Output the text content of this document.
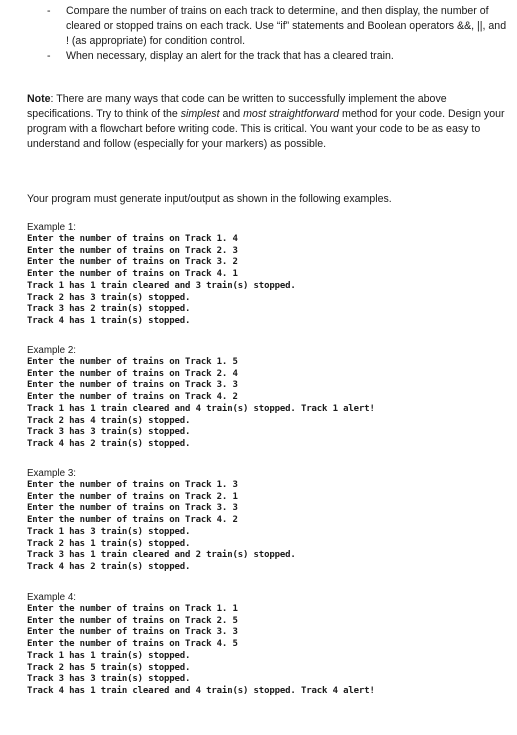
- Compare the number of trains on each track to determine, and then display, the number of cleared or stopped trains on each track. Use “if” statements and Boolean operators &&, ||, and ! (as appropriate) for condition control.
- When necessary, display an alert for the track that has a cleared train.
Note: There are many ways that code can be written to successfully implement the above specifications. Try to think of the simplest and most straightforward method for your code. Design your program with a flowchart before writing code. This is critical. You want your code to be as easy to understand and follow (especially for your markers) as possible.
Your program must generate input/output as shown in the following examples.
Example 1:
Enter the number of trains on Track 1. 4
Enter the number of trains on Track 2. 3
Enter the number of trains on Track 3. 2
Enter the number of trains on Track 4. 1
Track 1 has 1 train cleared and 3 train(s) stopped.
Track 2 has 3 train(s) stopped.
Track 3 has 2 train(s) stopped.
Track 4 has 1 train(s) stopped.
Example 2:
Enter the number of trains on Track 1. 5
Enter the number of trains on Track 2. 4
Enter the number of trains on Track 3. 3
Enter the number of trains on Track 4. 2
Track 1 has 1 train cleared and 4 train(s) stopped. Track 1 alert!
Track 2 has 4 train(s) stopped.
Track 3 has 3 train(s) stopped.
Track 4 has 2 train(s) stopped.
Example 3:
Enter the number of trains on Track 1. 3
Enter the number of trains on Track 2. 1
Enter the number of trains on Track 3. 3
Enter the number of trains on Track 4. 2
Track 1 has 3 train(s) stopped.
Track 2 has 1 train(s) stopped.
Track 3 has 1 train cleared and 2 train(s) stopped.
Track 4 has 2 train(s) stopped.
Example 4:
Enter the number of trains on Track 1. 1
Enter the number of trains on Track 2. 5
Enter the number of trains on Track 3. 3
Enter the number of trains on Track 4. 5
Track 1 has 1 train(s) stopped.
Track 2 has 5 train(s) stopped.
Track 3 has 3 train(s) stopped.
Track 4 has 1 train cleared and 4 train(s) stopped. Track 4 alert!
